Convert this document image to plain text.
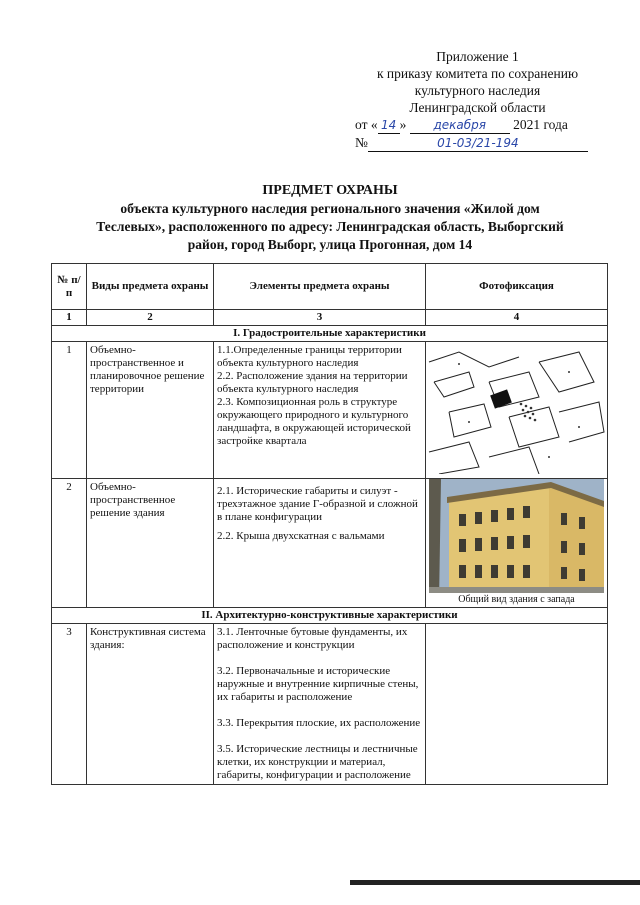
Приложение 1
к приказу комитета по сохранению
культурного наследия
Ленинградской области
от « 14 » декабря 2021 года
№	01-03/21-194
ПРЕДМЕТ ОХРАНЫ
объекта культурного наследия регионального значения «Жилой дом
Теслевых», расположенного по адресу: Ленинградская область, Выборгский
район, город Выборг, улица Прогонная, дом 14
№ п/п	Виды предмета охраны	Элементы предмета охраны	Фотофиксация
1	2	3	4
I. Градостроительные характеристики			
1	Объемно-пространственное и планировочное решение территории	1.1.Определенные границы территории объекта культурного наследия
2.2. Расположение здания на территории объекта культурного наследия
2.3. Композиционная роль в структуре окружающего природного и культурного ландшафта, в окружающей исторической застройке квартала

2	Объемно-пространственное решение здания	2.1. Исторические габариты и силуэт - трехэтажное здание Г-образной и сложной в плане конфигурации
2.2. Крыша двухскатная с вальмами	Общий вид здания с запада

II. Архитектурно-конструктивные характеристики			
3	Конструктивная система здания:	3.1. Ленточные бутовые фундаменты, их расположение и конструкции
3.2. Первоначальные и исторические наружные и внутренние кирпичные стены, их габариты и расположение
3.3. Перекрытия плоские, их расположение
3.5. Исторические лестницы и лестничные клетки, их конструкции и материал, габариты, конфигурации и расположение	
